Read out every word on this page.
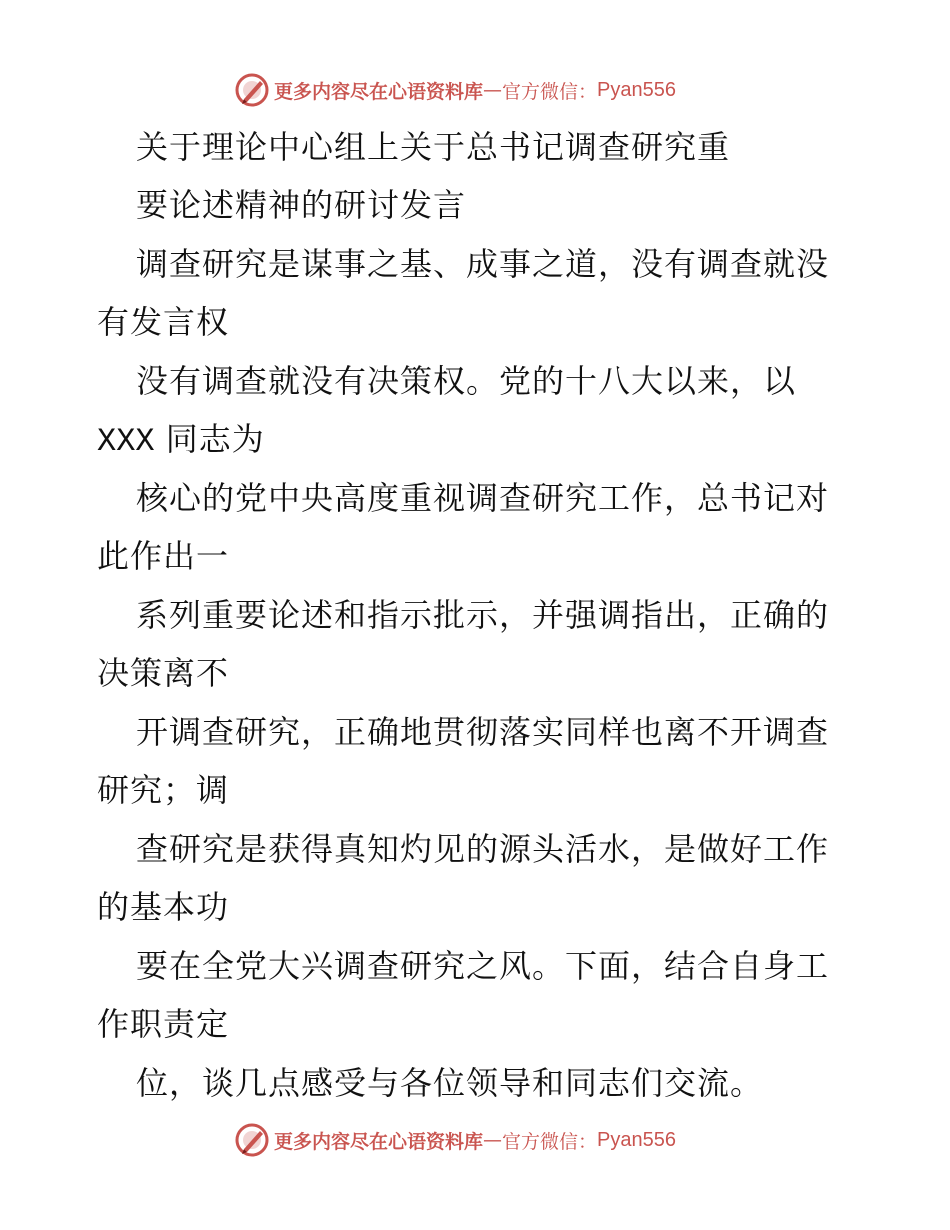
更多内容尽在心语资料库 — 官方微信： Pyan556
关于理论中心组上关于总书记调查研究重
要论述精神的研讨发言
调查研究是谋事之基、成事之道，没有调查就没
有发言权
没有调查就没有决策权。党的十八大以来，以
XXX 同志为
核心的党中央高度重视调查研究工作，总书记对
此作出一
系列重要论述和指示批示，并强调指出，正确的
决策离不
开调查研究，正确地贯彻落实同样也离不开调查
研究；调
查研究是获得真知灼见的源头活水，是做好工作
的基本功
要在全党大兴调查研究之风。下面，结合自身工
作职责定
位，谈几点感受与各位领导和同志们交流。
更多内容尽在心语资料库 — 官方微信： Pyan556
